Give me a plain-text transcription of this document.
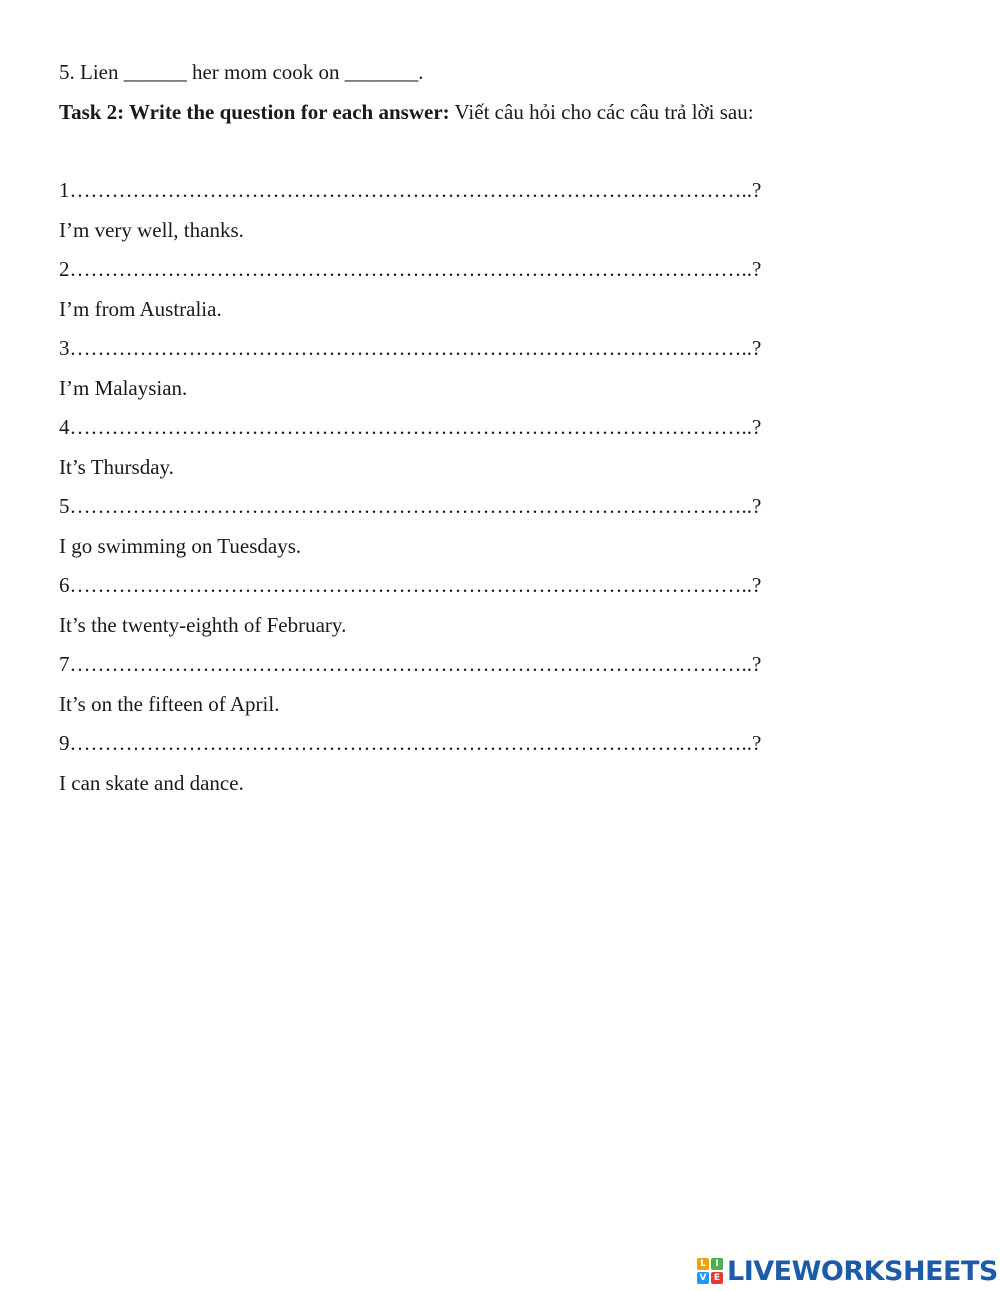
5. Lien ______ her mom cook on _______.
Task 2: Write the question for each answer: Viết câu hỏi cho các câu trả lời sau:
1……………………………………………………………………………………..?
I’m very well, thanks.
2……………………………………………………………………………………..?
I’m from Australia.
3……………………………………………………………………………………..?
I’m Malaysian.
4……………………………………………………………………………………..?
It’s Thursday.
5……………………………………………………………………………………..?
I go swimming on Tuesdays.
6……………………………………………………………………………………..?
It’s the twenty-eighth of February.
7……………………………………………………………………………………..?
It’s on the fifteen of April.
9……………………………………………………………………………………..?
I can skate and dance.
L	I
V E LIVEWORKSHEETS
